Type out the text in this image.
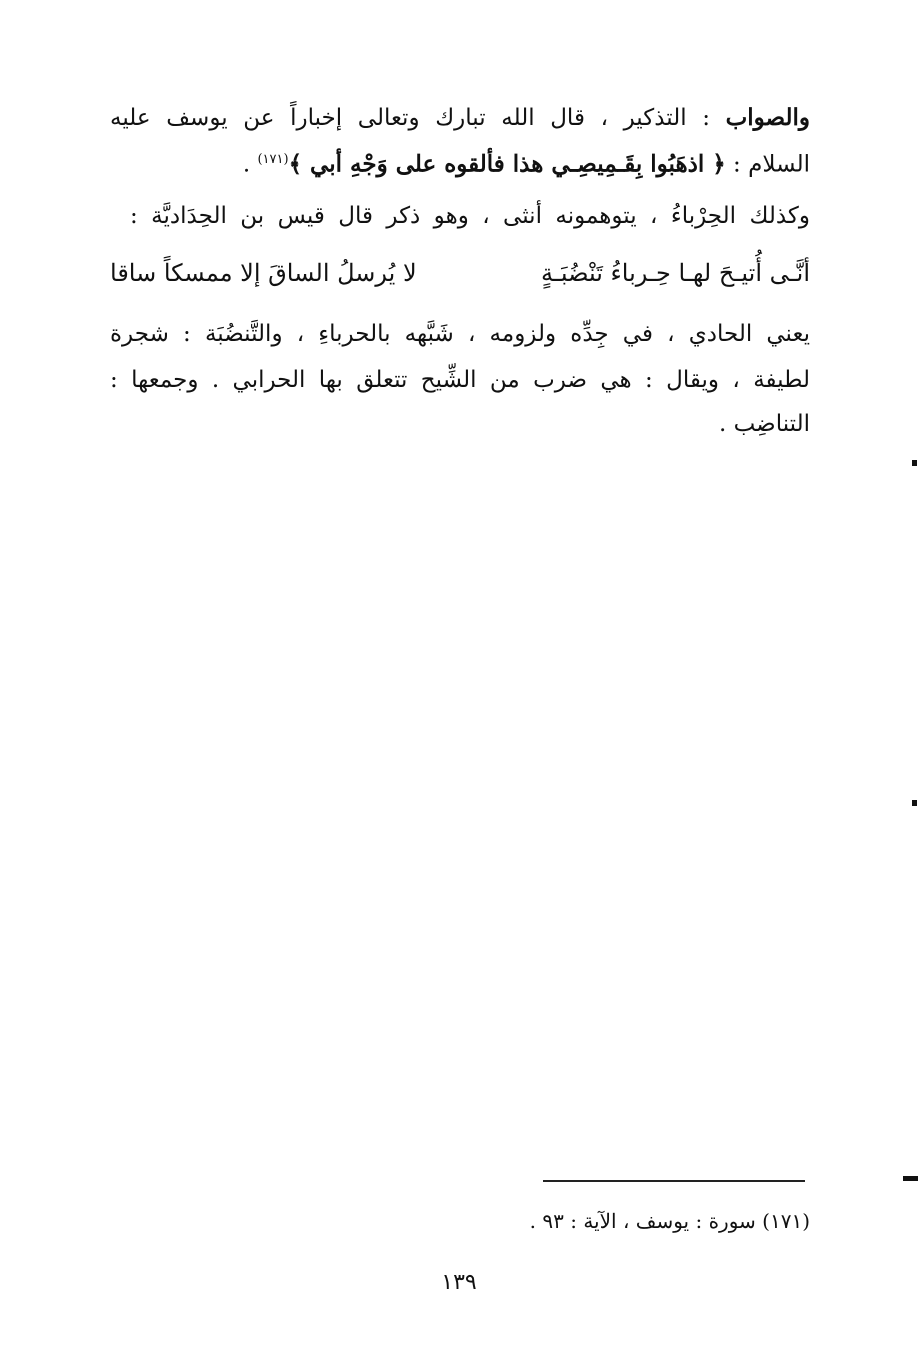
والصواب : التذكير ، قال الله تبارك وتعالى إخباراً عن يوسف عليه
السلام : ﴿ اذهَبُوا بِقَـمِيصِـي هذا فألقوه على وَجْهِ أبي ﴾$^{(١٧١)}$ .
وكذلك الحِرْباءُ ، يتوهمونه أنثى ، وهو ذكر قال قيس بن الحِدَاديَّة :
أنَّـى أُتيـحَ لهـا حِـرباءُ تَنْضُبَـةٍ
لا يُرسلُ الساقَ إلا ممسكاً ساقا
يعني الحادي ، في جِدِّه ولزومه ، شَبَّهه بالحرباءِ ، والتَّنضُبَة : شجرة
لطيفة ، ويقال : هي ضرب من الشِّيح تتعلق بها الحرابي . وجمعها :
التناضِب .
(١٧١) سورة : يوسف ، الآية : ٩٣ .
١٣٩
